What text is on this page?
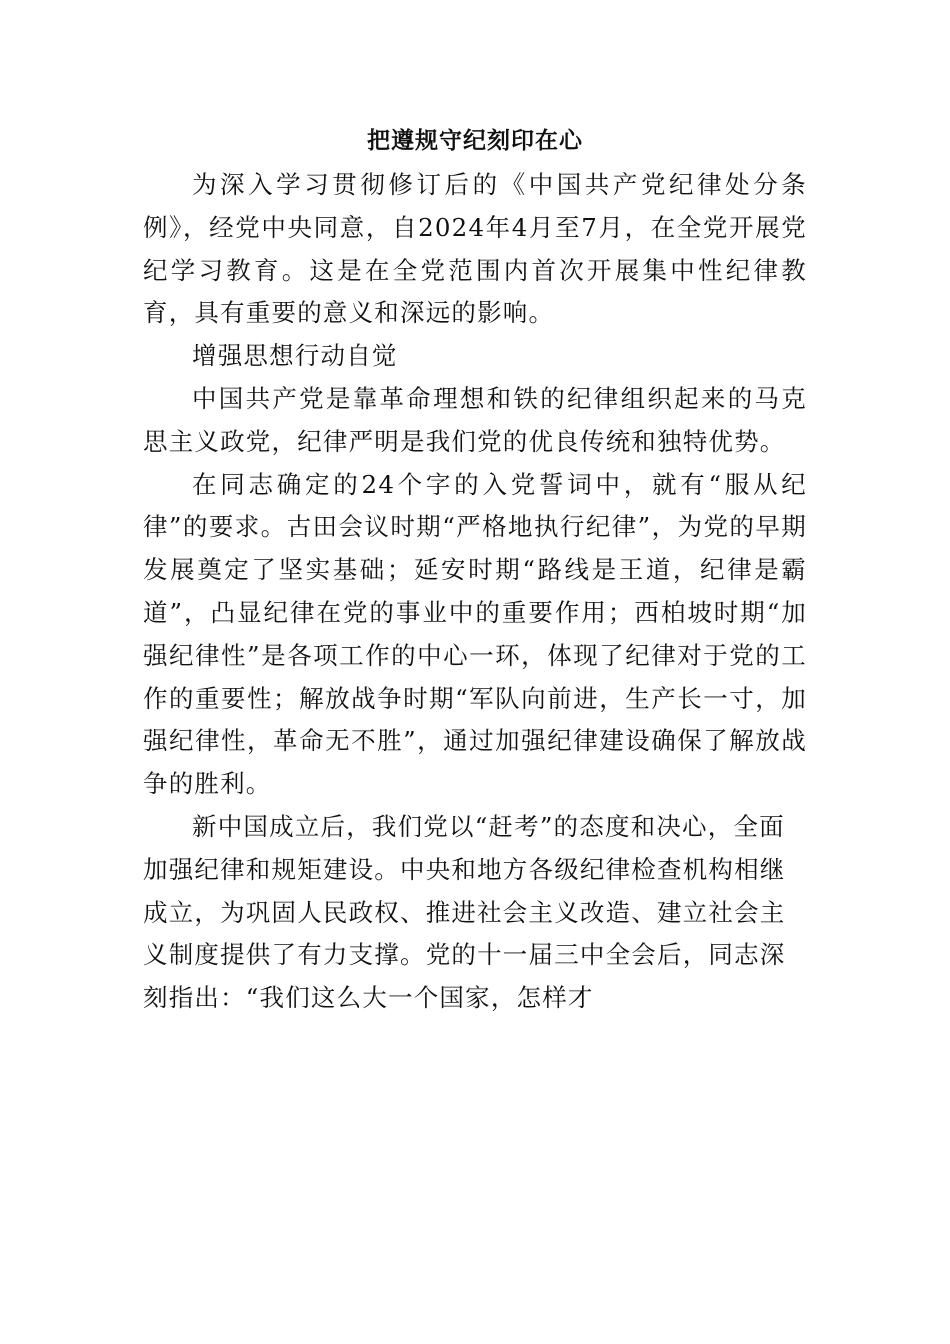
把遵规守纪刻印在心

为深入学习贯彻修订后的《中国共产党纪律处分条例》，经党中央同意，自2024年4月至7月，在全党开展党纪学习教育。这是在全党范围内首次开展集中性纪律教育，具有重要的意义和深远的影响。

增强思想行动自觉

中国共产党是靠革命理想和铁的纪律组织起来的马克思主义政党，纪律严明是我们党的优良传统和独特优势。

在同志确定的24个字的入党誓词中，就有“服从纪律”的要求。古田会议时期“严格地执行纪律”，为党的早期发展奠定了坚实基础；延安时期“路线是王道，纪律是霸道”，凸显纪律在党的事业中的重要作用；西柏坡时期“加强纪律性”是各项工作的中心一环，体现了纪律对于党的工作的重要性；解放战争时期“军队向前进，生产长一寸，加强纪律性，革命无不胜”，通过加强纪律建设确保了解放战争的胜利。

新中国成立后，我们党以“赶考”的态度和决心，全面加强纪律和规矩建设。中央和地方各级纪律检查机构相继成立，为巩固人民政权、推进社会主义改造、建立社会主义制度提供了有力支撑。党的十一届三中全会后，同志深刻指出：“我们这么大一个国家，怎样才
